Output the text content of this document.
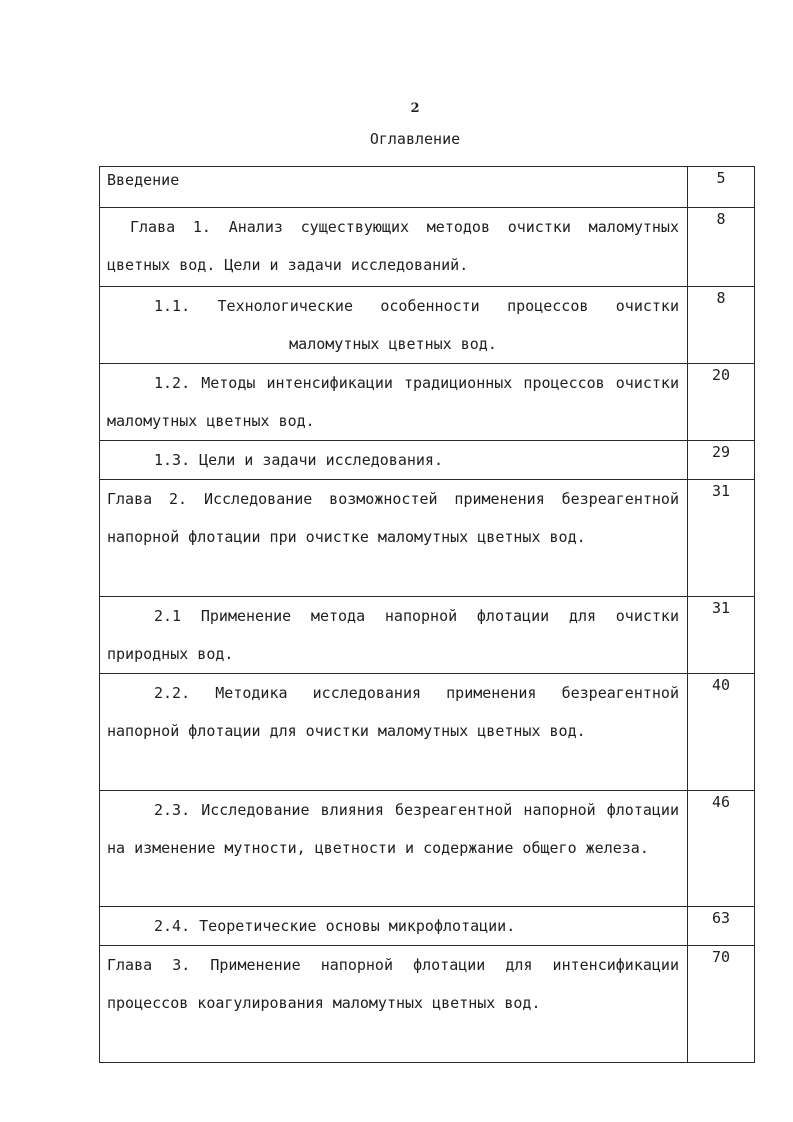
2
Оглавление
Введение	5
Глава 1. Анализ существующих методов очистки маломутных цветных вод. Цели и задачи исследований.	8
1.1. Технологические особенности процессов очистки маломутных цветных вод.	8
1.2. Методы интенсификации традиционных процессов очистки маломутных цветных вод.	20
1.3. Цели и задачи исследования.	29
Глава 2. Исследование возможностей применения безреагентной напорной флотации при очистке маломутных цветных вод.	31
2.1 Применение метода напорной флотации для очистки природных вод.	31
2.2. Методика исследования применения безреагентной напорной флотации для очистки маломутных цветных вод.	40
2.3. Исследование влияния безреагентной напорной флотации на изменение мутности, цветности и содержание общего железа.	46
2.4. Теоретические основы микрофлотации.	63
Глава 3. Применение напорной флотации для интенсификации процессов коагулирования маломутных цветных вод.	70
